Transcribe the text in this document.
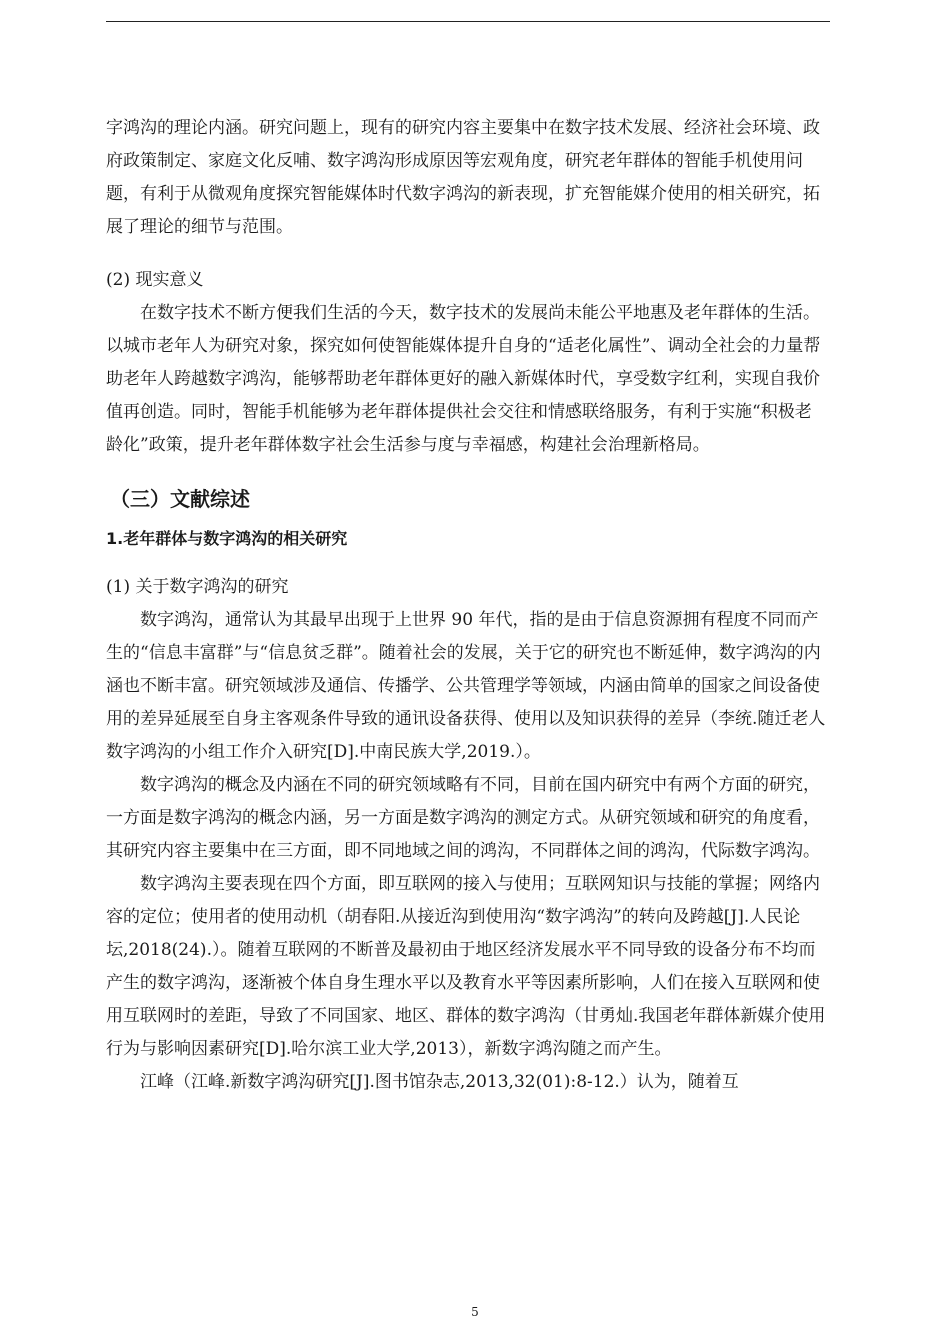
字鸿沟的理论内涵。研究问题上，现有的研究内容主要集中在数字技术发展、经济社会环境、政府政策制定、家庭文化反哺、数字鸿沟形成原因等宏观角度，研究老年群体的智能手机使用问题，有利于从微观角度探究智能媒体时代数字鸿沟的新表现，扩充智能媒介使用的相关研究，拓展了理论的细节与范围。

(2) 现实意义

在数字技术不断方便我们生活的今天，数字技术的发展尚未能公平地惠及老年群体的生活。以城市老年人为研究对象，探究如何使智能媒体提升自身的“适老化属性”、调动全社会的力量帮助老年人跨越数字鸿沟，能够帮助老年群体更好的融入新媒体时代，享受数字红利，实现自我价值再创造。同时，智能手机能够为老年群体提供社会交往和情感联络服务，有利于实施“积极老龄化”政策，提升老年群体数字社会生活参与度与幸福感，构建社会治理新格局。

（三）文献综述
1.老年群体与数字鸿沟的相关研究

(1) 关于数字鸿沟的研究

数字鸿沟，通常认为其最早出现于上世界 90 年代，指的是由于信息资源拥有程度不同而产生的“信息丰富群”与“信息贫乏群”。随着社会的发展，关于它的研究也不断延伸，数字鸿沟的内涵也不断丰富。研究领域涉及通信、传播学、公共管理学等领域，内涵由简单的国家之间设备使用的差异延展至自身主客观条件导致的通讯设备获得、使用以及知识获得的差异（李统.随迁老人数字鸿沟的小组工作介入研究[D].中南民族大学,2019.）。

数字鸿沟的概念及内涵在不同的研究领域略有不同，目前在国内研究中有两个方面的研究，一方面是数字鸿沟的概念内涵，另一方面是数字鸿沟的测定方式。从研究领域和研究的角度看，其研究内容主要集中在三方面，即不同地域之间的鸿沟，不同群体之间的鸿沟，代际数字鸿沟。

数字鸿沟主要表现在四个方面，即互联网的接入与使用；互联网知识与技能的掌握；网络内容的定位；使用者的使用动机（胡春阳.从接近沟到使用沟“数字鸿沟”的转向及跨越[J].人民论坛,2018(24).）。随着互联网的不断普及最初由于地区经济发展水平不同导致的设备分布不均而产生的数字鸿沟，逐渐被个体自身生理水平以及教育水平等因素所影响，人们在接入互联网和使用互联网时的差距，导致了不同国家、地区、群体的数字鸿沟（甘勇灿.我国老年群体新媒介使用行为与影响因素研究[D].哈尔滨工业大学,2013），新数字鸿沟随之而产生。

江峰（江峰.新数字鸿沟研究[J].图书馆杂志,2013,32(01):8-12.）认为，随着互

5
